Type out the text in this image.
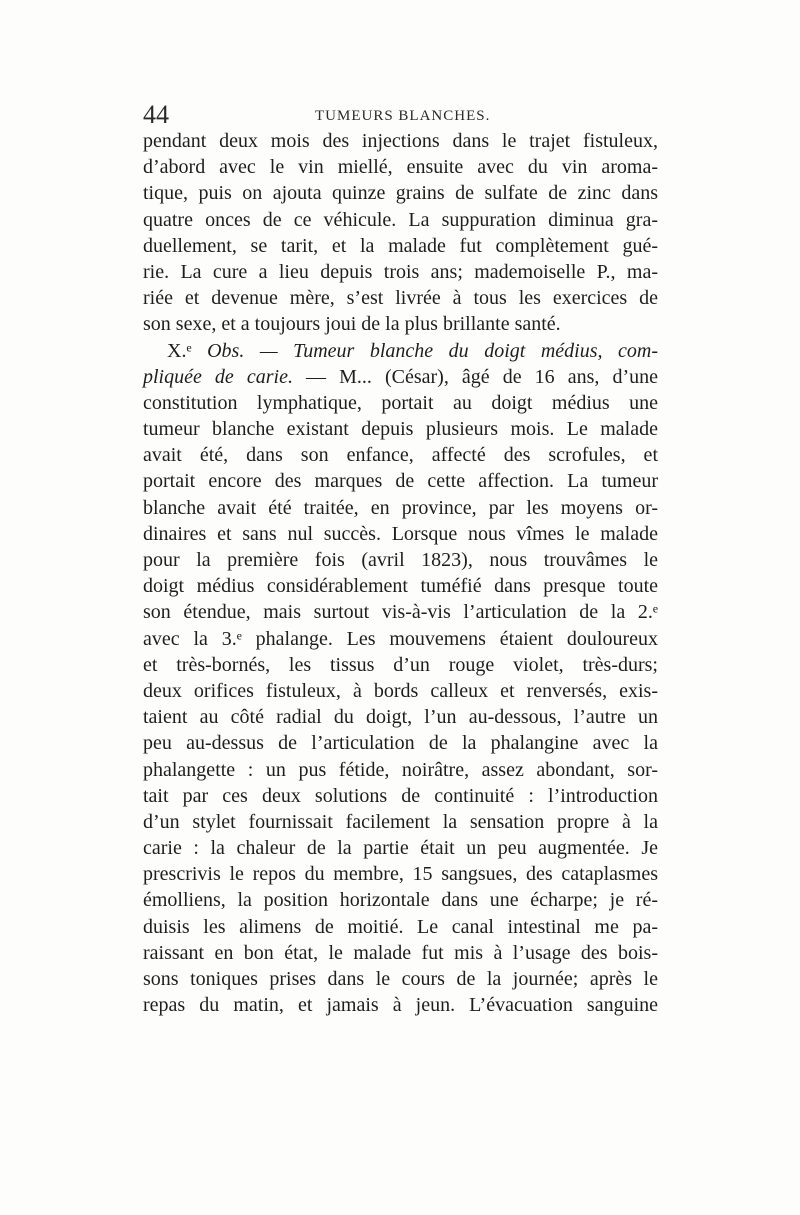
44	TUMEURS BLANCHES.
pendant deux mois des injections dans le trajet fistuleux,
d’abord avec le vin miellé, ensuite avec du vin aroma-
tique, puis on ajouta quinze grains de sulfate de zinc dans
quatre onces de ce véhicule. La suppuration diminua gra-
duellement, se tarit, et la malade fut complètement gué-
rie. La cure a lieu depuis trois ans; mademoiselle P., ma-
riée et devenue mère, s’est livrée à tous les exercices de
son sexe, et a toujours joui de la plus brillante santé.
X.ᵉ Obs. — Tumeur blanche du doigt médius, com-
pliquée de carie. — M... (César), âgé de 16 ans, d’une
constitution lymphatique, portait au doigt médius une
tumeur blanche existant depuis plusieurs mois. Le malade
avait été, dans son enfance, affecté des scrofules, et
portait encore des marques de cette affection. La tumeur
blanche avait été traitée, en province, par les moyens or-
dinaires et sans nul succès. Lorsque nous vîmes le malade
pour la première fois (avril 1823), nous trouvâmes le
doigt médius considérablement tuméfié dans presque toute
son étendue, mais surtout vis-à-vis l’articulation de la 2.ᵉ
avec la 3.ᵉ phalange. Les mouvemens étaient douloureux
et très-bornés, les tissus d’un rouge violet, très-durs;
deux orifices fistuleux, à bords calleux et renversés, exis-
taient au côté radial du doigt, l’un au-dessous, l’autre un
peu au-dessus de l’articulation de la phalangine avec la
phalangette : un pus fétide, noirâtre, assez abondant, sor-
tait par ces deux solutions de continuité : l’introduction
d’un stylet fournissait facilement la sensation propre à la
carie : la chaleur de la partie était un peu augmentée. Je
prescrivis le repos du membre, 15 sangsues, des cataplasmes
émolliens, la position horizontale dans une écharpe; je ré-
duisis les alimens de moitié. Le canal intestinal me pa-
raissant en bon état, le malade fut mis à l’usage des bois-
sons toniques prises dans le cours de la journée; après le
repas du matin, et jamais à jeun. L’évacuation sanguine
